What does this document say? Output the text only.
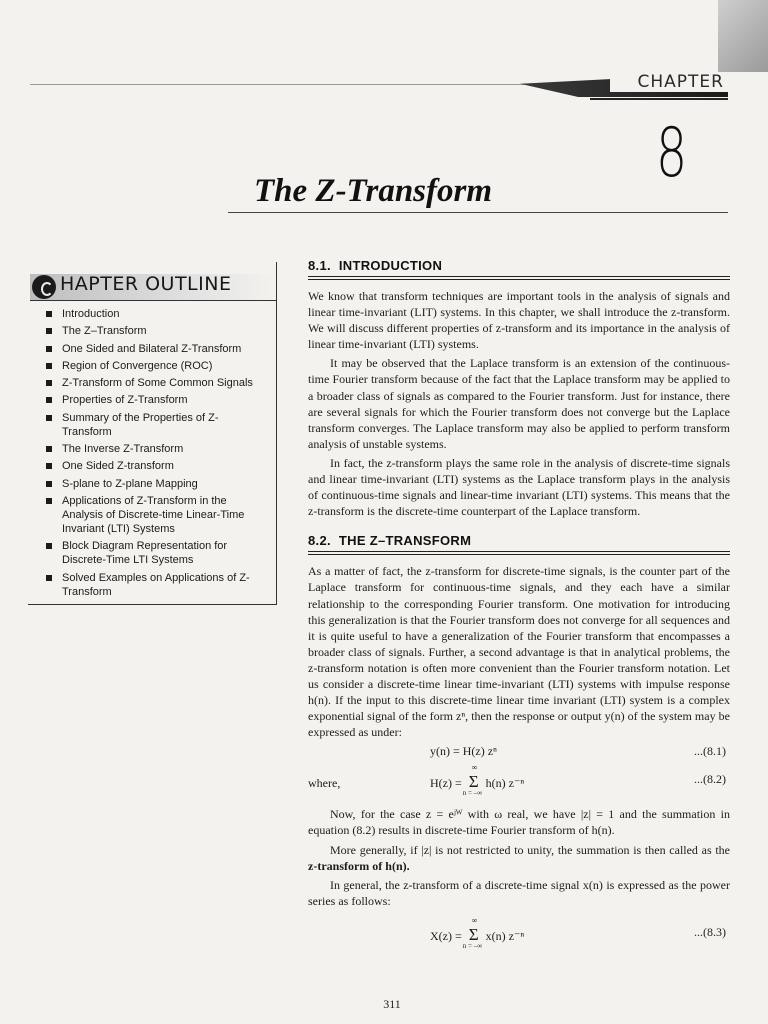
CHAPTER
8
The Z-Transform
HAPTER OUTLINE
Introduction
The Z–Transform
One Sided and Bilateral Z-Transform
Region of Convergence (ROC)
Z-Transform of Some Common Signals
Properties of Z-Transform
Summary of the Properties of Z-Transform
The Inverse Z-Transform
One Sided Z-transform
S-plane to Z-plane Mapping
Applications of Z-Transform in the Analysis of Discrete-time Linear-Time Invariant (LTI) Systems
Block Diagram Representation for Discrete-Time LTI Systems
Solved Examples on Applications of Z-Transform
8.1. INTRODUCTION

We know that transform techniques are important tools in the analysis of signals and linear time-invariant (LIT) systems. In this chapter, we shall introduce the z-transform. We will discuss different properties of z-transform and its importance in the analysis of linear time-invariant (LTI) systems.

It may be observed that the Laplace transform is an extension of the continuous-time Fourier transform because of the fact that the Laplace transform may be applied to a broader class of signals as compared to the Fourier transform. Just for instance, there are several signals for which the Fourier transform does not converge but the Laplace transform converges. The Laplace transform may also be applied to perform transform analysis of unstable systems.

In fact, the z-transform plays the same role in the analysis of discrete-time signals and linear time-invariant (LTI) systems as the Laplace transform plays in the analysis of continuous-time signals and linear-time invariant (LTI) systems. This means that the z-transform is the discrete-time counterpart of the Laplace transform.

8.2. THE Z–TRANSFORM

As a matter of fact, the z-transform for discrete-time signals, is the counter part of the Laplace transform for continuous-time signals, and they each have a similar relationship to the corresponding Fourier transform. One motivation for introducing this generalization is that the Fourier transform does not converge for all sequences and it is quite useful to have a generalization of the Fourier transform that encompasses a broader class of signals. Further, a second advantage is that in analytical problems, the z-transform notation is often more convenient than the Fourier transform notation. Let us consider a discrete-time linear time-invariant (LTI) systems with impulse response h(n). If the input to this discrete-time linear time invariant (LTI) system is a complex exponential signal of the form zⁿ, then the response or output y(n) of the system may be expressed as under:

y(n) = H(z) zⁿ	...(8.1)
where,	H(z) = Σ
∞
n = –∞
h(n) z⁻ⁿ	...(8.2)

Now, for the case z = eʲᵂ with ω real, we have |z| = 1 and the summation in equation (8.2) results in discrete-time Fourier transform of h(n).

More generally, if |z| is not restricted to unity, the summation is then called as the z-transform of h(n).

In general, the z-transform of a discrete-time signal x(n) is expressed as the power series as follows:

X(z) = Σ
∞
n = –∞
x(n) z⁻ⁿ	...(8.3)
311
